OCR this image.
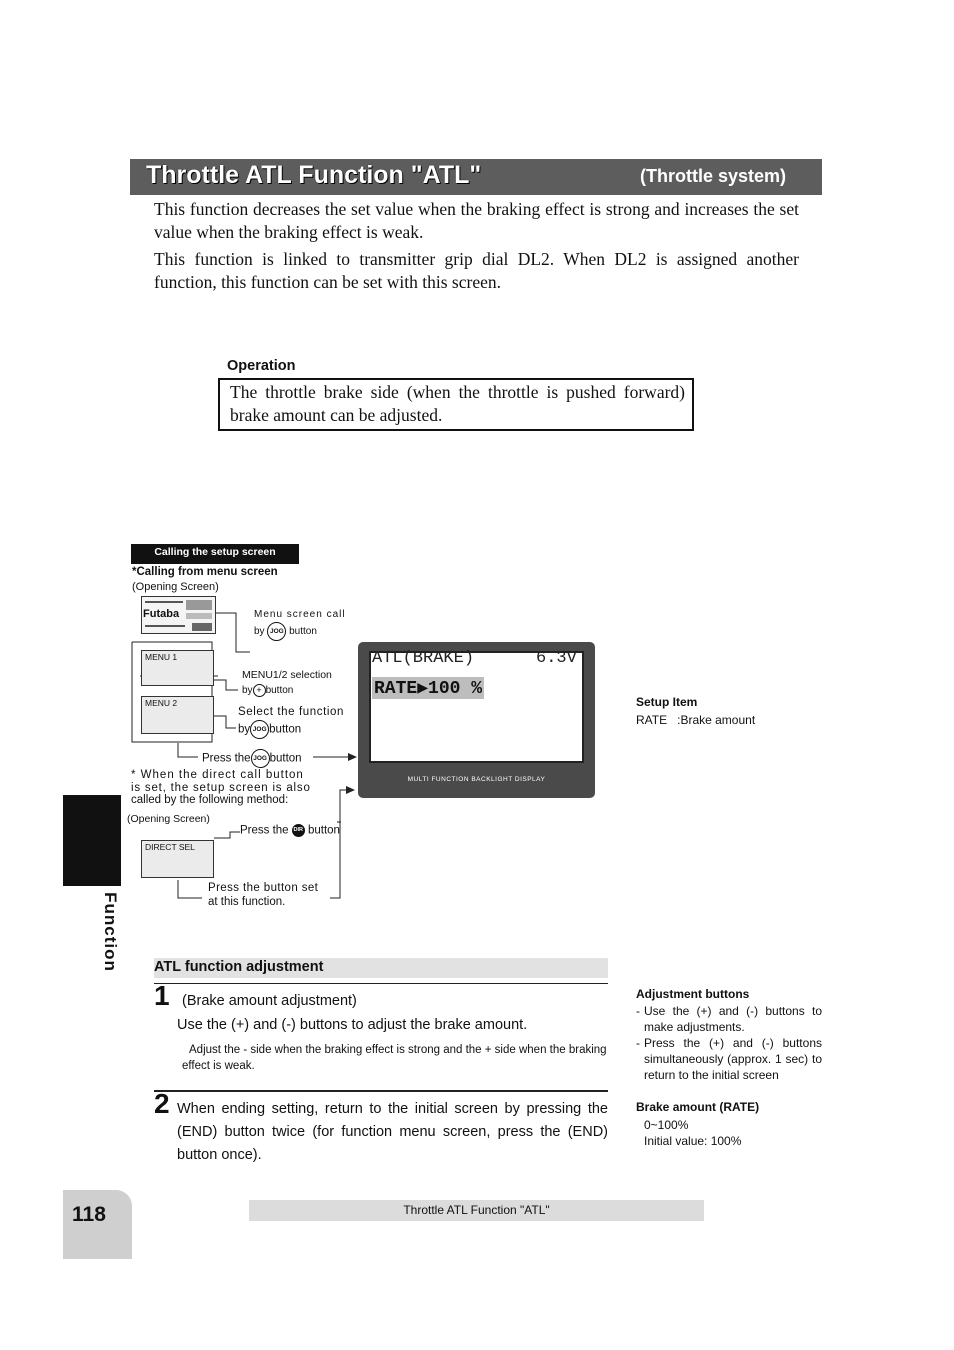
Throttle ATL Function "ATL"	(Throttle system)
This function decreases the set value when the braking effect is strong and increases the set value when the braking effect is weak.
This function is linked to transmitter grip dial DL2. When DL2 is assigned another function, this function can be set with this screen.
Operation
The throttle brake side (when the throttle is pushed forward) brake amount can be adjusted.
Calling the setup screen
*Calling from menu screen
(Opening Screen)
Futaba	Menu screen call
by JOG button
MENU 1
MENU 2
MENU1/2 selection
by + button
Select the function
by JOG button
Press the JOG button
* When the direct call button
is set, the setup screen is also
called by the following method:
(Opening Screen)
Press the DIR button
DIRECT SEL
Press the button set
at this function.
ATL(BRAKE)	6.3V
RATE▶100 %
MULTI FUNCTION BACKLIGHT DISPLAY
Setup Item
RATE   :Brake amount
Function ATL function adjustment
1 (Brake amount adjustment)
Use the (+) and (-) buttons to adjust the brake amount.
Adjust the - side when the braking effect is strong and the + side when the braking effect is weak.
2 When ending setting, return to the initial screen by pressing the (END) button twice (for function menu screen, press the (END) button once).
Adjustment buttons
- Use the (+) and (-) buttons to make adjustments.
- Press the (+) and (-) buttons simultaneously (approx. 1 sec) to return to the initial screen
Brake amount (RATE)
0~100%
Initial value: 100%
118	Throttle ATL Function "ATL"
